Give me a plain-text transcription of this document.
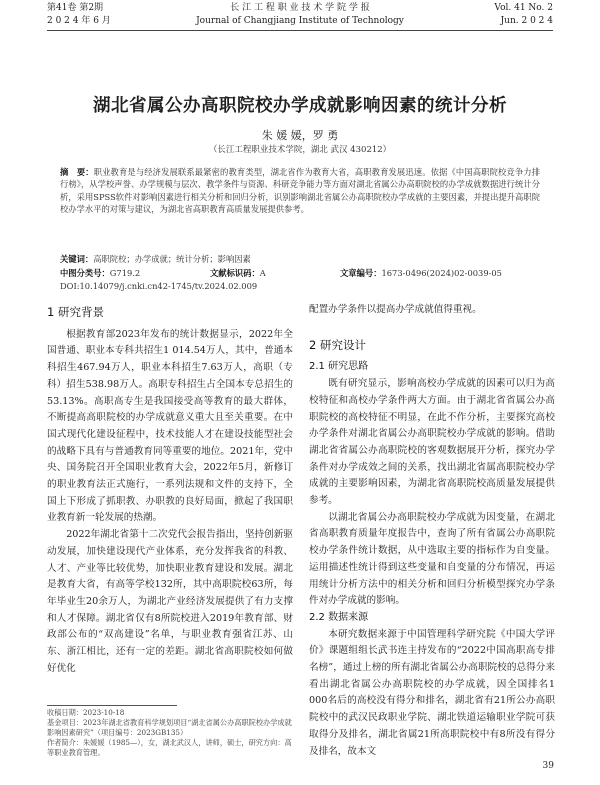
第41卷 第2期
2 0 2 4 年 6 月
长 江 工 程 职 业 技 术 学 院 学 报
Journal of Changjiang Institute of Technology
Vol. 41 No. 2
Jun. 2 0 2 4
湖北省属公办高职院校办学成就影响因素的统计分析
朱 媛 媛，罗 勇
（长江工程职业技术学院，湖北 武汉 430212）
摘　要：职业教育是与经济发展联系最紧密的教育类型，湖北省作为教育大省，高职教育发展迅速。依据《中国高职院校竞争力排行榜》，从学校声誉、办学规模与层次、教学条件与资源、科研竞争能力等方面对湖北省属公办高职院校的办学成就数据进行统计分析，采用SPSS软件对影响因素进行相关分析和回归分析，识别影响湖北省属公办高职院校办学成就的主要因素，并提出提升高职院校办学水平的对策与建议，为湖北省高职教育高质量发展提供参考。
关键词：高职院校；办学成就；统计分析；影响因素
中图分类号：G719.2	文献标识码：A	文章编号：1673-0496(2024)02-0039-05
DOI:10.14079/j.cnki.cn42-1745/tv.2024.02.009
1 研究背景

根据教育部2023年发布的统计数据显示，2022年全国普通、职业本专科共招生1 014.54万人，其中，普通本科招生467.94万人，职业本科招生7.63万人，高职（专科）招生538.98万人。高职专科招生占全国本专总招生的53.13%。高职高专生是我国接受高等教育的最大群体，不断提高高职院校的办学成就意义重大且至关重要。在中国式现代化建设征程中，技术技能人才在建设技能型社会的战略下具有与普通教育同等重要的地位。2021年，党中央、国务院召开全国职业教育大会，2022年5月，新修订的职业教育法正式施行，一系列法规和文件的支持下，全国上下形成了抓职教、办职教的良好局面，掀起了我国职业教育新一轮发展的热潮。

2022年湖北省第十二次党代会报告指出，坚持创新驱动发展，加快建设现代产业体系，充分发挥我省的科教、人才、产业等比较优势，加快职业教育建设和发展。湖北是教育大省，有高等学校132所，其中高职院校63所，每年毕业生20余万人，为湖北产业经济发展提供了有力支撑和人才保障。湖北省仅有8所院校进入2019年教育部、财政部公布的“双高建设”名单，与职业教育强省江苏、山东、浙江相比，还有一定的差距。湖北省高职院校如何做好优化

配置办学条件以提高办学成就值得重视。
2 研究设计
2.1 研究思路

既有研究显示，影响高校办学成就的因素可以归为高校特征和高校办学条件两大方面。由于湖北省省属公办高职院校的高校特征不明显，在此不作分析，主要探究高校办学条件对湖北省属公办高职院校办学成就的影响。借助湖北省省属公办高职院校的客观数据展开分析，探究办学条件对办学成效之间的关系，找出湖北省属高职院校办学成就的主要影响因素，为湖北省高职院校高质量发展提供参考。

以湖北省属公办高职院校办学成就为因变量，在湖北省高职教育质量年度报告中，查询了所有省属公办高职院校办学条件统计数据，从中选取主要的指标作为自变量。运用描述性统计得到这些变量和自变量的分布情况，再运用统计分析方法中的相关分析和回归分析模型探究办学条件对办学成就的影响。

2.2 数据来源

本研究数据来源于中国管理科学研究院《中国大学评价》课题组组长武书连主持发布的“2022中国高职高专排名榜”，通过上榜的所有湖北省属公办高职院校的总得分来看出湖北省属公办高职院校的办学成就，因全国排名1 000名后的高校没有得分和排名，湖北省有21所公办高职院校中的武汉民政职业学院、湖北铁道运输职业学院可获取得分及排名，湖北省属21所高职院校中有8所没有得分及排名，故本文

收稿日期：2023-10-18
基金项目：2023年湖北省教育科学规划项目“湖北省属公办高职院校办学成就影响因素研究”（项目编号：2023GB135）
作者简介：朱媛媛（1985—），女，湖北武汉人，讲师，硕士，研究方向：高等职业教育管理。
39
